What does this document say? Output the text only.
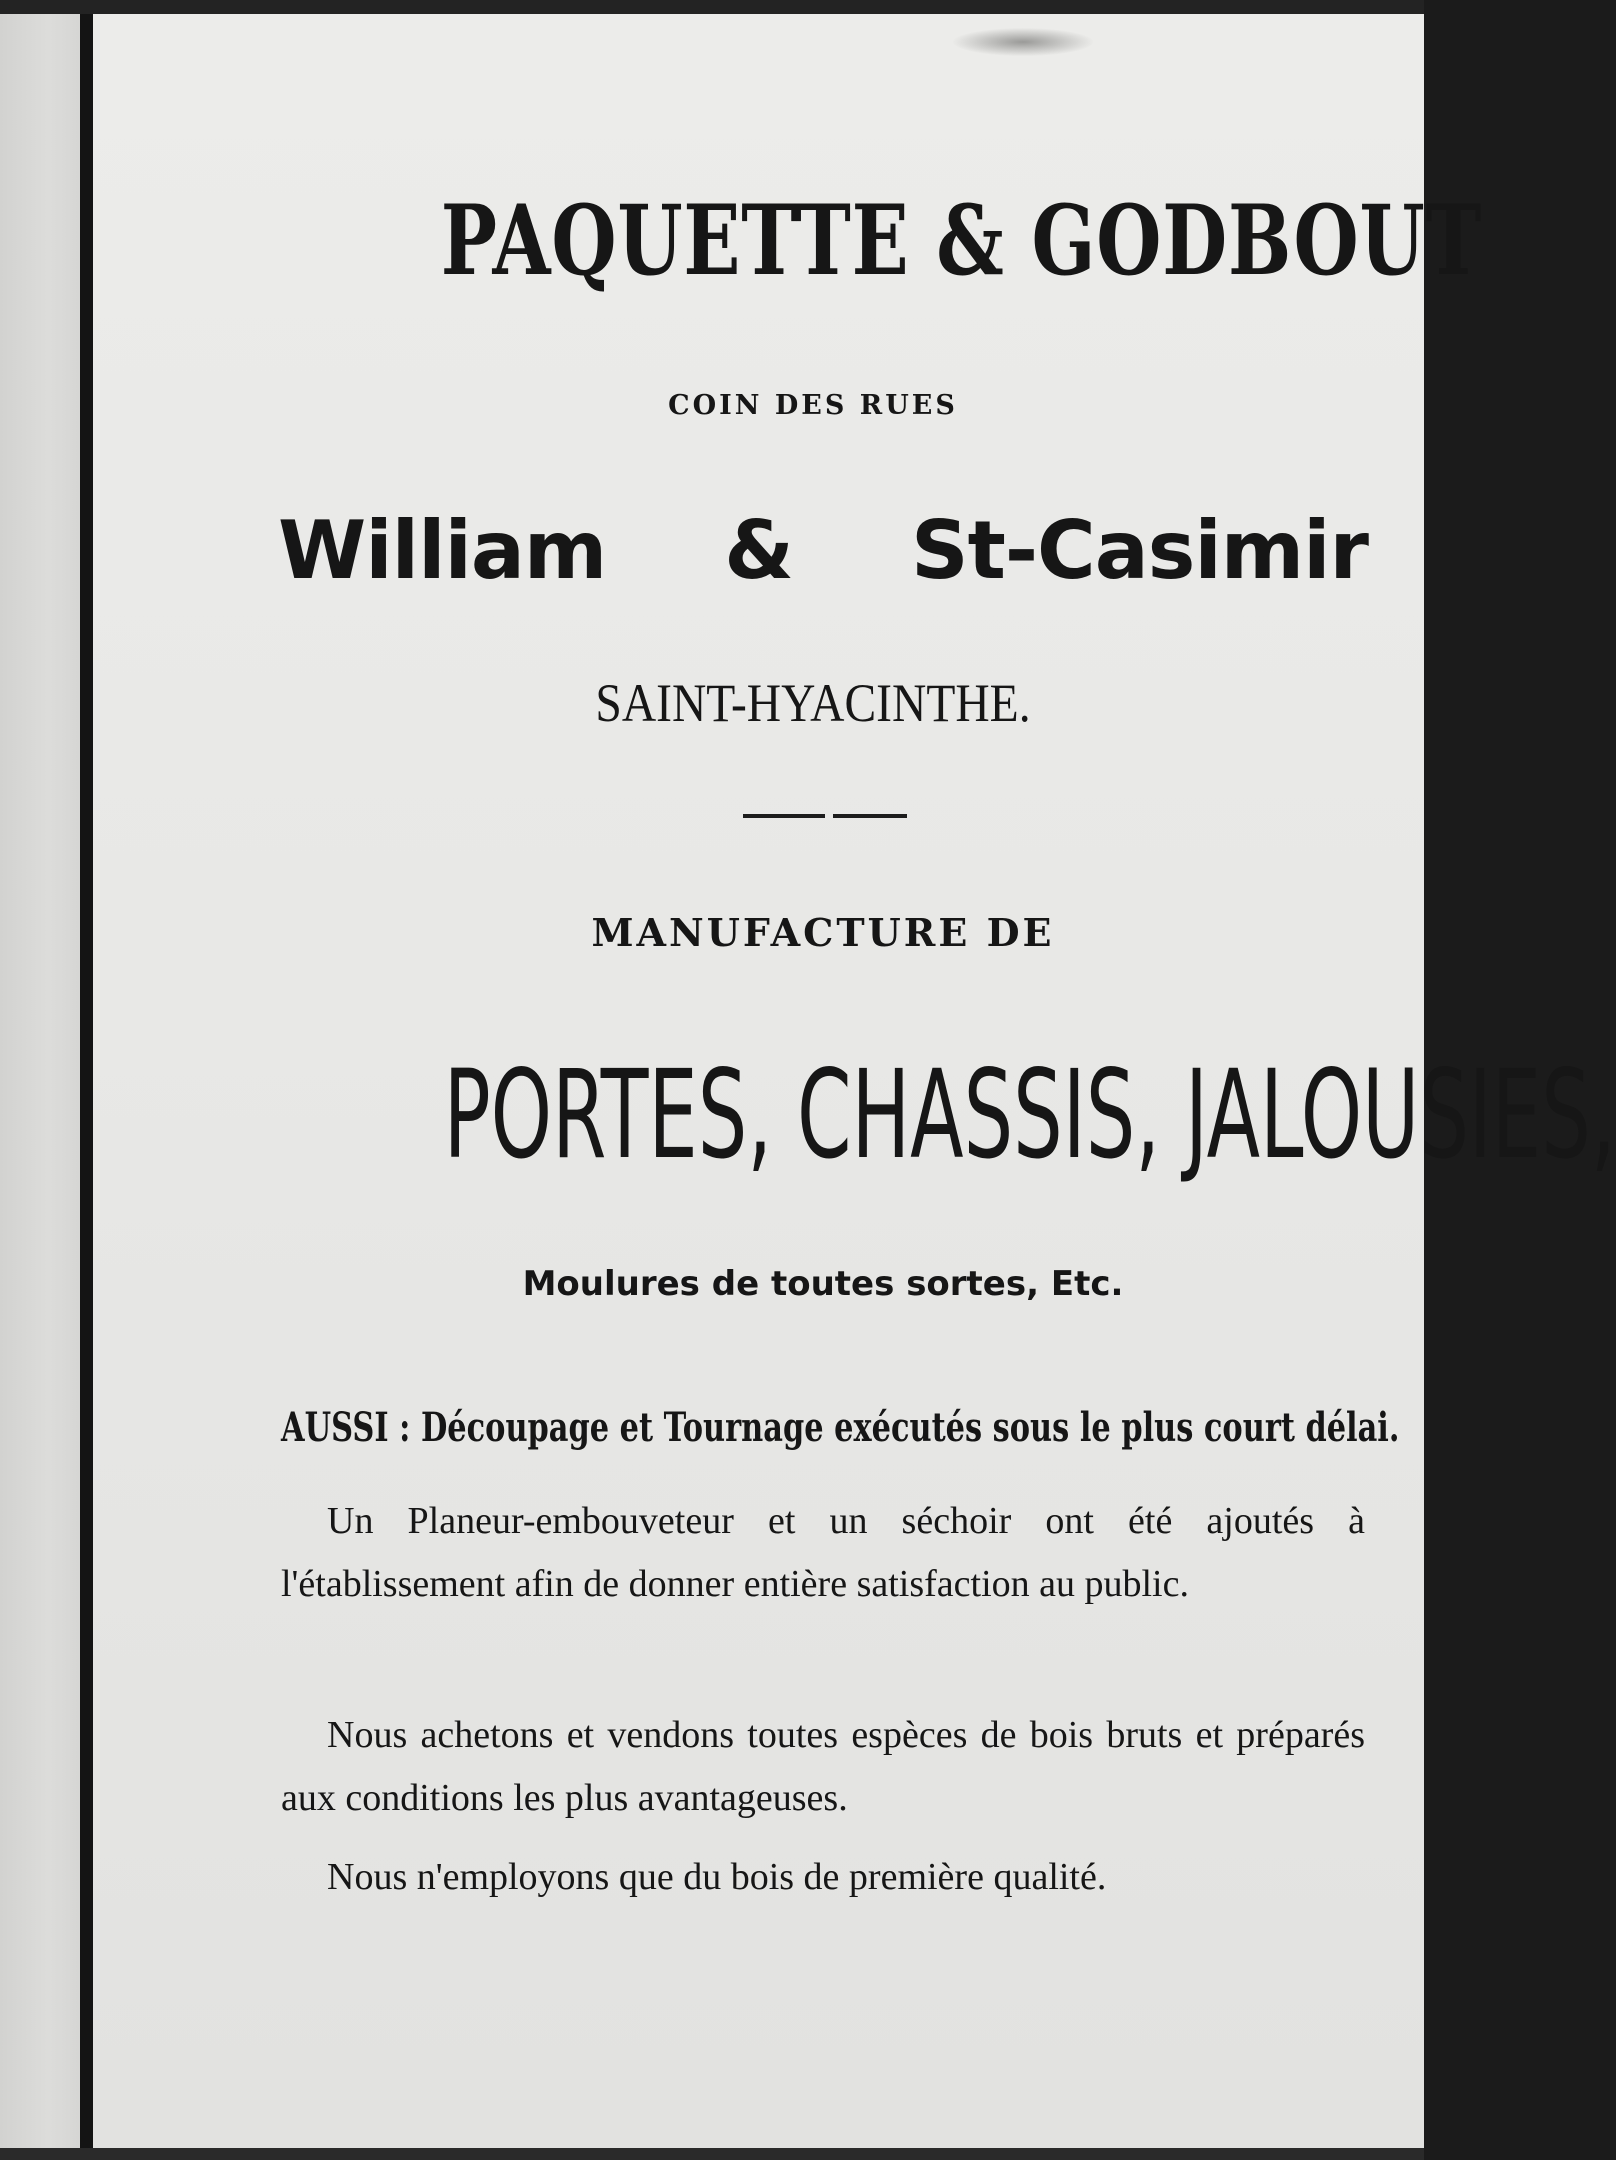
PAQUETTE & GODBOUT

COIN DES RUES

William & St-Casimir

SAINT-HYACINTHE.

MANUFACTURE DE

PORTES, CHASSIS, JALOUSIES,

Moulures de toutes sortes, Etc.

AUSSI : Découpage et Tournage exécutés sous le plus court délai.

Un Planeur-embouveteur et un séchoir ont été ajoutés à l'établissement afin de donner entière satisfaction au public.

Nous achetons et vendons toutes espèces de bois bruts et préparés aux conditions les plus avantageuses.

Nous n'employons que du bois de première qualité.
